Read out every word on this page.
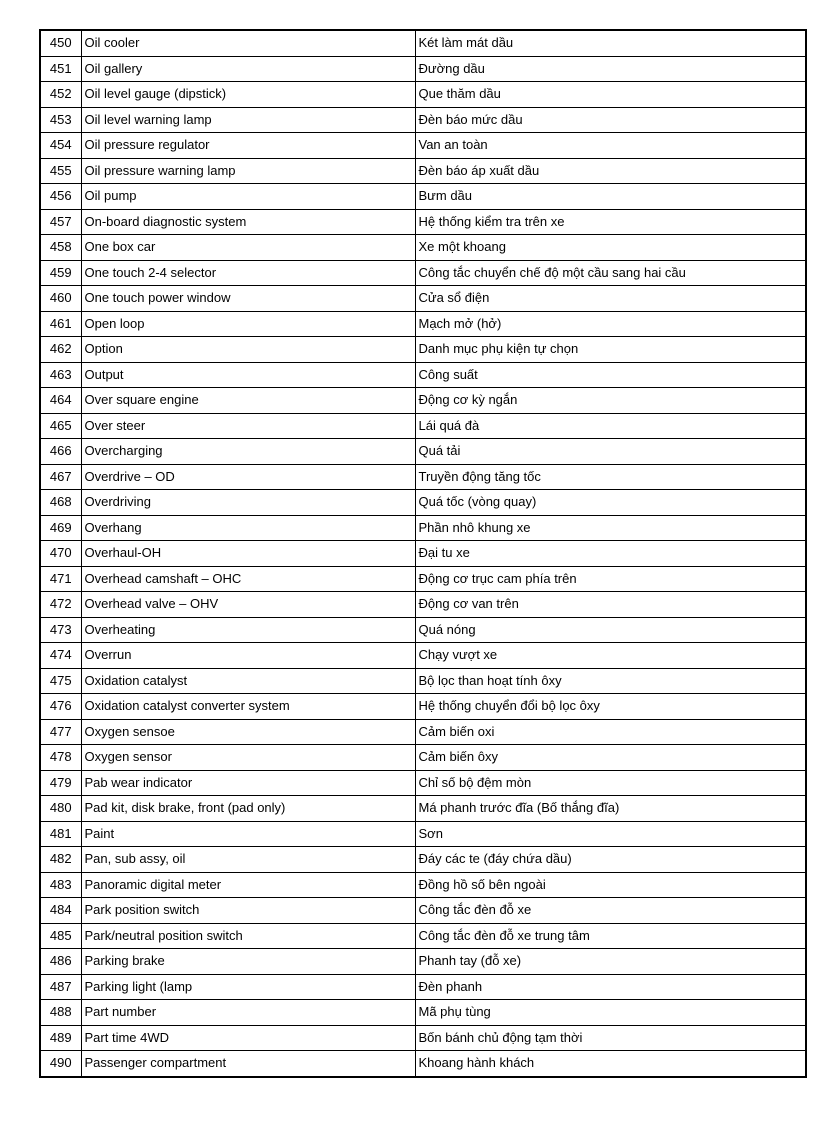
450	Oil cooler	Két làm mát dầu
451	Oil gallery	Đường dầu
452	Oil level gauge (dipstick)	Que thăm dầu
453	Oil level warning lamp	Đèn báo mức dầu
454	Oil pressure regulator	Van an toàn
455	Oil pressure warning lamp	Đèn báo áp xuất dầu
456	Oil pump	Bưm dầu
457	On-board diagnostic system	Hệ thống kiểm tra trên xe
458	One box car	Xe một khoang
459	One touch 2-4 selector	Công tắc chuyển chế độ một cầu sang hai cầu
460	One touch power window	Cửa sổ điện
461	Open loop	Mạch mở (hở)
462	Option	Danh mục phụ kiện tự chọn
463	Output	Công suất
464	Over square engine	Động cơ kỳ ngắn
465	Over steer	Lái quá đà
466	Overcharging	Quá tải
467	Overdrive – OD	Truyền động tăng tốc
468	Overdriving	Quá tốc (vòng quay)
469	Overhang	Phần nhô khung xe
470	Overhaul-OH	Đại tu xe
471	Overhead camshaft – OHC	Động cơ trục cam phía trên
472	Overhead valve – OHV	Động cơ van trên
473	Overheating	Quá nóng
474	Overrun	Chạy vượt xe
475	Oxidation catalyst	Bộ lọc than hoạt tính ôxy
476	Oxidation catalyst converter system	Hệ thống chuyển đổi bộ lọc ôxy
477	Oxygen sensoe	Cảm biến oxi
478	Oxygen sensor	Cảm biến ôxy
479	Pab wear indicator	Chỉ số bộ đệm mòn
480	Pad kit, disk brake, front (pad only)	Má phanh trước đĩa (Bố thắng đĩa)
481	Paint	Sơn
482	Pan, sub assy, oil	Đáy các te (đáy chứa dầu)
483	Panoramic digital meter	Đồng hồ số bên ngoài
484	Park position switch	Công tắc đèn đỗ xe
485	Park/neutral position switch	Công tắc đèn đỗ xe trung tâm
486	Parking brake	Phanh tay (đỗ xe)
487	Parking light (lamp	Đèn phanh
488	Part number	Mã phụ tùng
489	Part time 4WD	Bốn bánh chủ động tạm thời
490	Passenger compartment	Khoang hành khách
